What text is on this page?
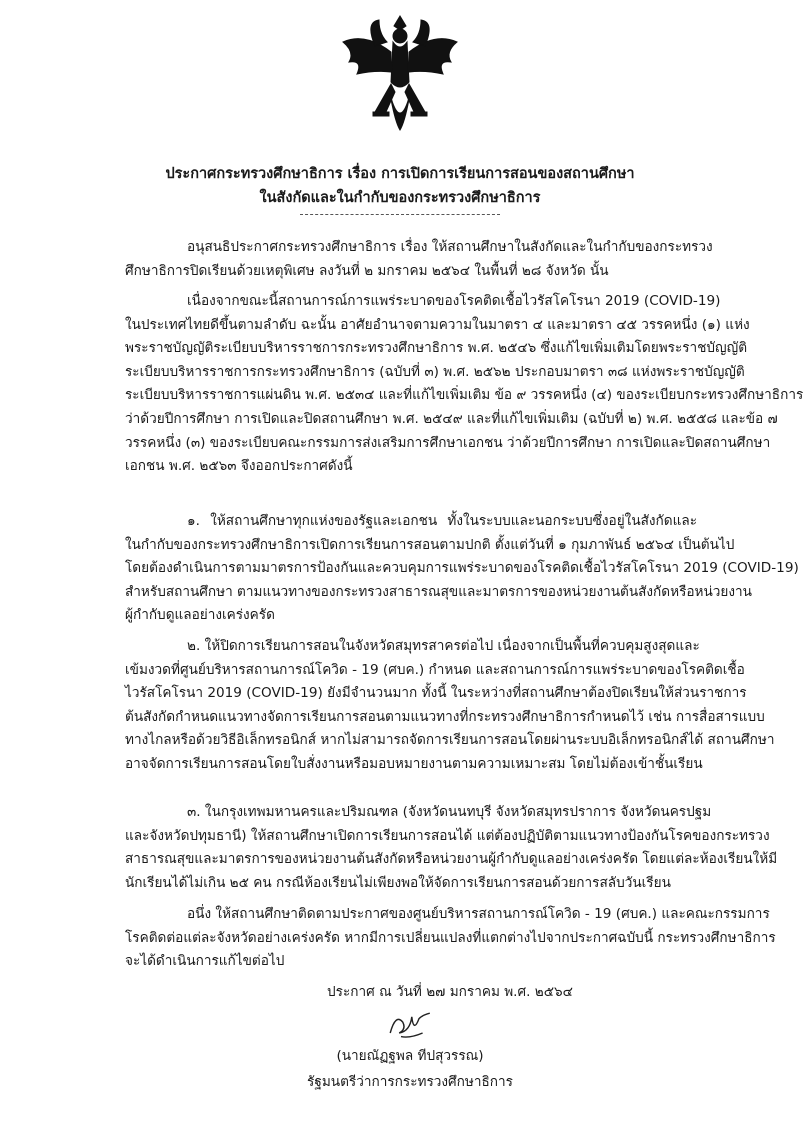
ประกาศกระทรวงศึกษาธิการ เรื่อง การเปิดการเรียนการสอนของสถานศึกษา
ในสังกัดและในกำกับของกระทรวงศึกษาธิการ
อนุสนธิประกาศกระทรวงศึกษาธิการ เรื่อง ให้สถานศึกษาในสังกัดและในกำกับของกระทรวง
ศึกษาธิการปิดเรียนด้วยเหตุพิเศษ ลงวันที่ ๒ มกราคม ๒๕๖๔ ในพื้นที่ ๒๘ จังหวัด นั้น
เนื่องจากขณะนี้สถานการณ์การแพร่ระบาดของโรคติดเชื้อไวรัสโคโรนา 2019 (COVID-19)
ในประเทศไทยดีขึ้นตามลำดับ ฉะนั้น อาศัยอำนาจตามความในมาตรา ๔ และมาตรา ๔๕ วรรคหนึ่ง (๑) แห่ง
พระราชบัญญัติระเบียบบริหารราชการกระทรวงศึกษาธิการ พ.ศ. ๒๕๔๖ ซึ่งแก้ไขเพิ่มเติมโดยพระราชบัญญัติ
ระเบียบบริหารราชการกระทรวงศึกษาธิการ (ฉบับที่ ๓) พ.ศ. ๒๕๖๒ ประกอบมาตรา ๓๘ แห่งพระราชบัญญัติ
ระเบียบบริหารราชการแผ่นดิน พ.ศ. ๒๕๓๔ และที่แก้ไขเพิ่มเติม ข้อ ๙ วรรคหนึ่ง (๔) ของระเบียบกระทรวงศึกษาธิการ
ว่าด้วยปีการศึกษา การเปิดและปิดสถานศึกษา พ.ศ. ๒๕๔๙ และที่แก้ไขเพิ่มเติม (ฉบับที่ ๒) พ.ศ. ๒๕๕๘ และข้อ ๗
วรรคหนึ่ง (๓) ของระเบียบคณะกรรมการส่งเสริมการศึกษาเอกชน ว่าด้วยปีการศึกษา การเปิดและปิดสถานศึกษา
เอกชน พ.ศ. ๒๕๖๓ จึงออกประกาศดังนี้
๑. ให้สถานศึกษาทุกแห่งของรัฐและเอกชน ทั้งในระบบและนอกระบบซึ่งอยู่ในสังกัดและ
ในกำกับของกระทรวงศึกษาธิการเปิดการเรียนการสอนตามปกติ ตั้งแต่วันที่ ๑ กุมภาพันธ์ ๒๕๖๔ เป็นต้นไป
โดยต้องดำเนินการตามมาตรการป้องกันและควบคุมการแพร่ระบาดของโรคติดเชื้อไวรัสโคโรนา 2019 (COVID-19)
สำหรับสถานศึกษา ตามแนวทางของกระทรวงสาธารณสุขและมาตรการของหน่วยงานต้นสังกัดหรือหน่วยงาน
ผู้กำกับดูแลอย่างเคร่งครัด
๒. ให้ปิดการเรียนการสอนในจังหวัดสมุทรสาครต่อไป เนื่องจากเป็นพื้นที่ควบคุมสูงสุดและ
เข้มงวดที่ศูนย์บริหารสถานการณ์โควิด - 19 (ศบค.) กำหนด และสถานการณ์การแพร่ระบาดของโรคติดเชื้อ
ไวรัสโคโรนา 2019 (COVID-19) ยังมีจำนวนมาก ทั้งนี้ ในระหว่างที่สถานศึกษาต้องปิดเรียนให้ส่วนราชการ
ต้นสังกัดกำหนดแนวทางจัดการเรียนการสอนตามแนวทางที่กระทรวงศึกษาธิการกำหนดไว้ เช่น การสื่อสารแบบ
ทางไกลหรือด้วยวิธีอิเล็กทรอนิกส์ หากไม่สามารถจัดการเรียนการสอนโดยผ่านระบบอิเล็กทรอนิกส์ได้ สถานศึกษา
อาจจัดการเรียนการสอนโดยใบสั่งงานหรือมอบหมายงานตามความเหมาะสม โดยไม่ต้องเข้าชั้นเรียน
๓. ในกรุงเทพมหานครและปริมณฑล (จังหวัดนนทบุรี จังหวัดสมุทรปราการ จังหวัดนครปฐม
และจังหวัดปทุมธานี) ให้สถานศึกษาเปิดการเรียนการสอนได้ แต่ต้องปฏิบัติตามแนวทางป้องกันโรคของกระทรวง
สาธารณสุขและมาตรการของหน่วยงานต้นสังกัดหรือหน่วยงานผู้กำกับดูแลอย่างเคร่งครัด โดยแต่ละห้องเรียนให้มี
นักเรียนได้ไม่เกิน ๒๕ คน กรณีห้องเรียนไม่เพียงพอให้จัดการเรียนการสอนด้วยการสลับวันเรียน
อนึ่ง ให้สถานศึกษาติดตามประกาศของศูนย์บริหารสถานการณ์โควิด - 19 (ศบค.) และคณะกรรมการ
โรคติดต่อแต่ละจังหวัดอย่างเคร่งครัด หากมีการเปลี่ยนแปลงที่แตกต่างไปจากประกาศฉบับนี้ กระทรวงศึกษาธิการ
จะได้ดำเนินการแก้ไขต่อไป
ประกาศ ณ วันที่ ๒๗ มกราคม พ.ศ. ๒๕๖๔
(นายณัฏฐพล ทีปสุวรรณ)
รัฐมนตรีว่าการกระทรวงศึกษาธิการ
